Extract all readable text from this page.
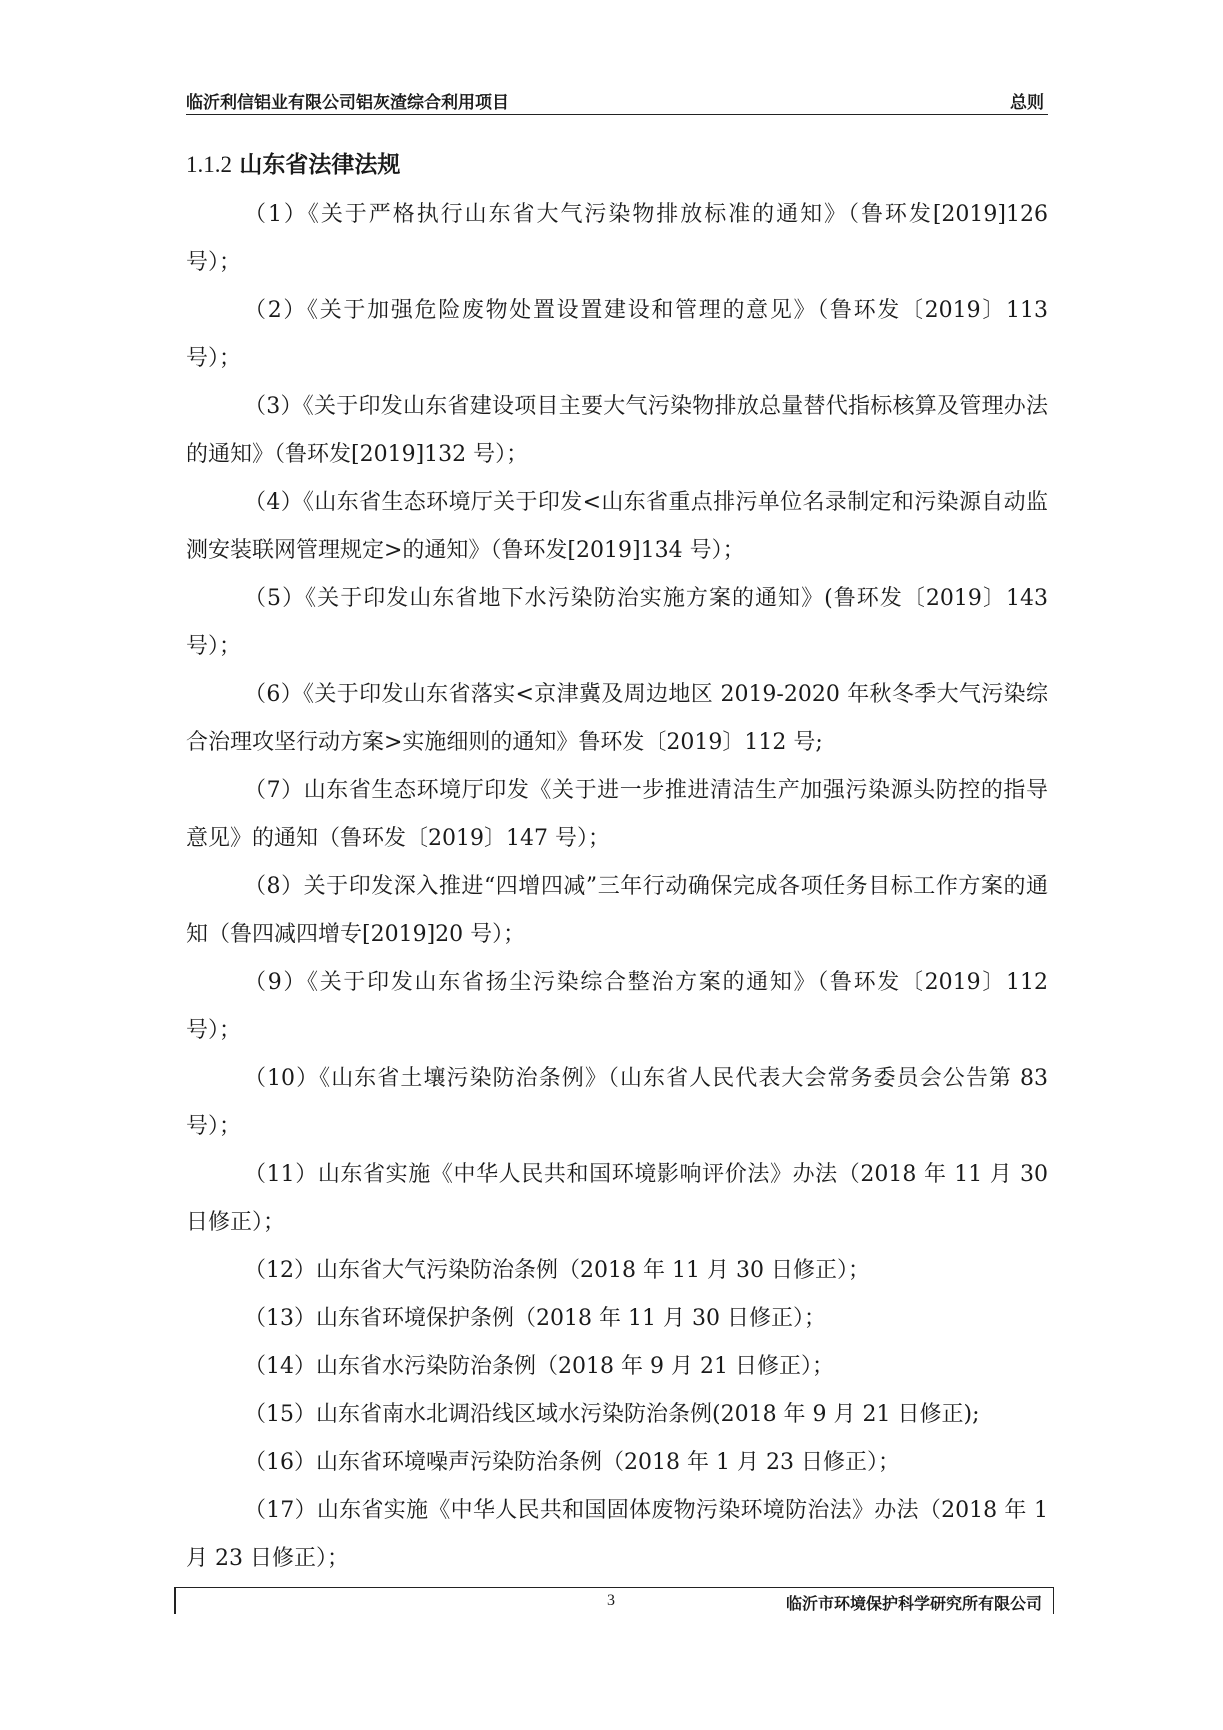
临沂利信铝业有限公司铝灰渣综合利用项目	总则
1.1.2 山东省法律法规

（1）《关于严格执行山东省大气污染物排放标准的通知》（鲁环发[2019]126 号）；

（2）《关于加强危险废物处置设置建设和管理的意见》（鲁环发〔2019〕113 号）；

（3）《关于印发山东省建设项目主要大气污染物排放总量替代指标核算及管理办法的通知》（鲁环发[2019]132 号）；

（4）《山东省生态环境厅关于印发<山东省重点排污单位名录制定和污染源自动监测安装联网管理规定>的通知》（鲁环发[2019]134 号）；

（5）《关于印发山东省地下水污染防治实施方案的通知》(鲁环发〔2019〕143 号）；

（6）《关于印发山东省落实<京津冀及周边地区 2019-2020 年秋冬季大气污染综合治理攻坚行动方案>实施细则的通知》鲁环发〔2019〕112 号;

（7）山东省生态环境厅印发《关于进一步推进清洁生产加强污染源头防控的指导意见》的通知（鲁环发〔2019〕147 号）；

（8）关于印发深入推进“四增四减”三年行动确保完成各项任务目标工作方案的通知（鲁四减四增专[2019]20 号）；

（9）《关于印发山东省扬尘污染综合整治方案的通知》（鲁环发〔2019〕112 号）；

（10）《山东省土壤污染防治条例》（山东省人民代表大会常务委员会公告第 83 号）；

（11）山东省实施《中华人民共和国环境影响评价法》办法（2018 年 11 月 30 日修正）；

（12）山东省大气污染防治条例（2018 年 11 月 30 日修正）；

（13）山东省环境保护条例（2018 年 11 月 30 日修正）；

（14）山东省水污染防治条例（2018 年 9 月 21 日修正）；

（15）山东省南水北调沿线区域水污染防治条例(2018 年 9 月 21 日修正);

（16）山东省环境噪声污染防治条例（2018 年 1 月 23 日修正）；

（17）山东省实施《中华人民共和国固体废物污染环境防治法》办法（2018 年 1 月 23 日修正）；

3	临沂市环境保护科学研究所有限公司
